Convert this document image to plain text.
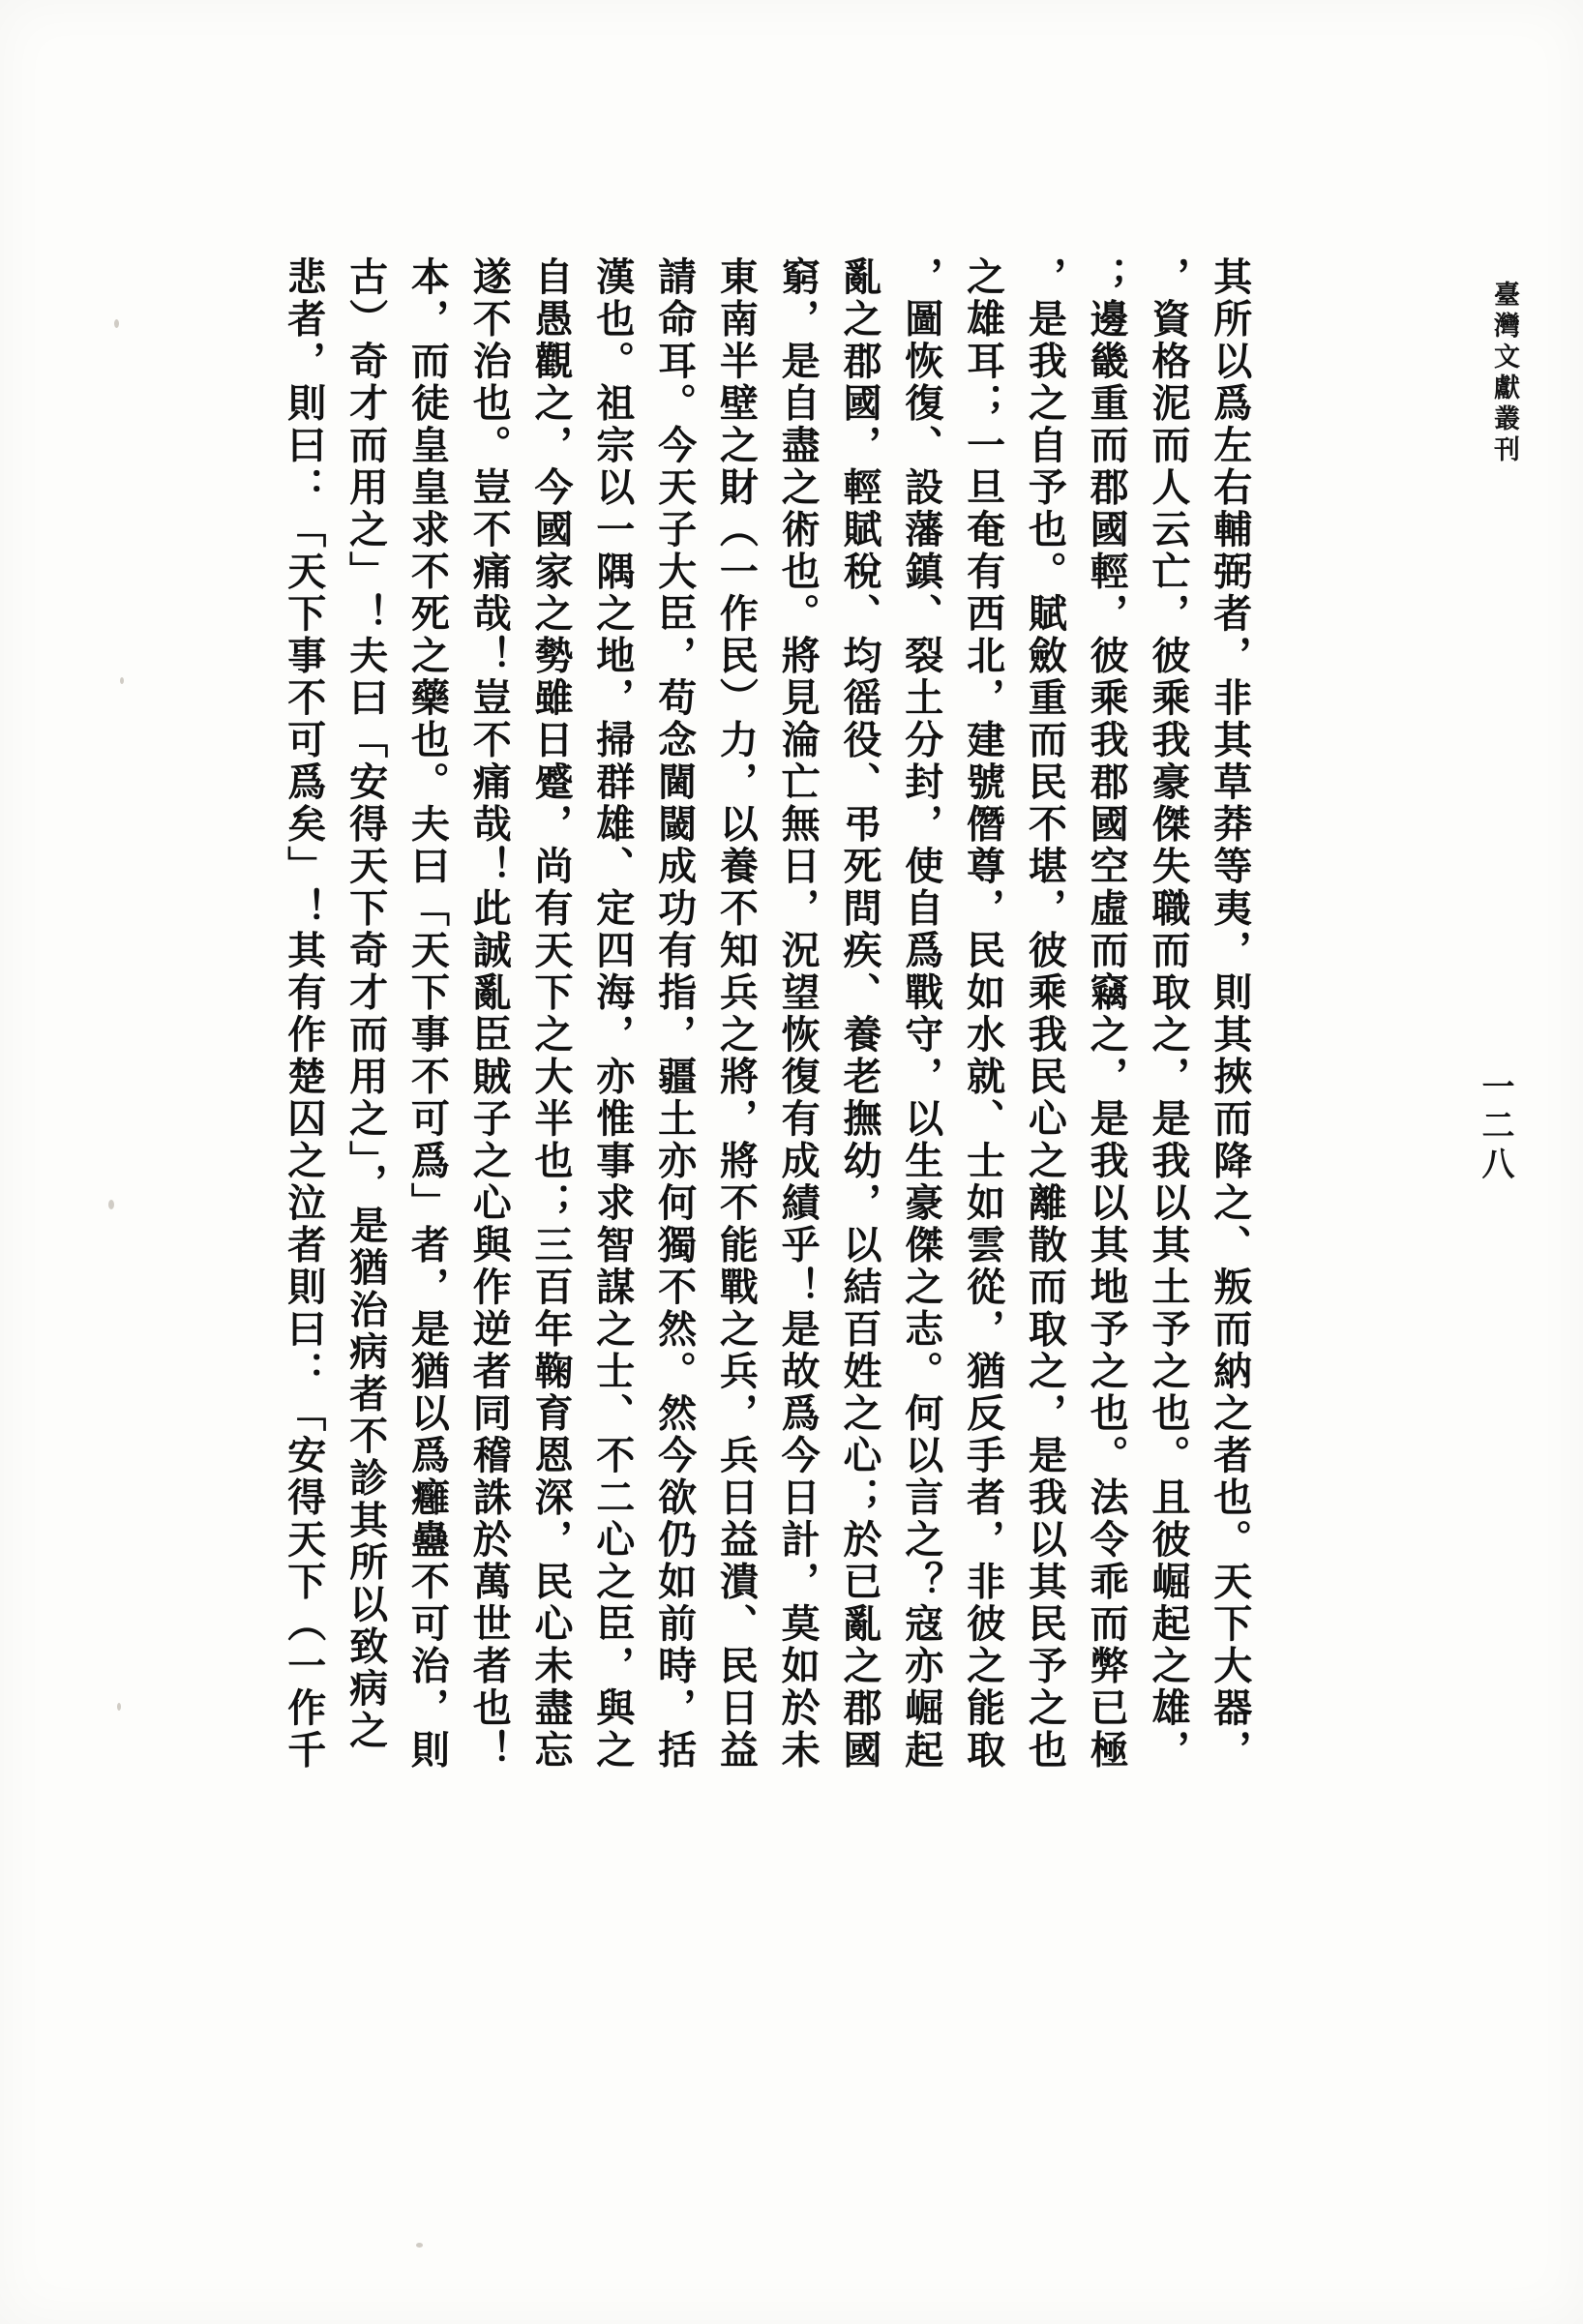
臺灣文獻叢刊
一二八
悲者，則曰：「天下事不可爲矣」！其有作楚囚之泣者則曰：「安得天下（一作千 古）奇才而用之」！夫曰「安得天下奇才而用之」，是猶治病者不診其所以致病之 本，而徒皇皇求不死之藥也。夫曰「天下事不可爲」者，是猶以爲癰蠱不可治，則 遂不治也。豈不痛哉！豈不痛哉！此誠亂臣賊子之心與作逆者同稽誅於萬世者也！ 自愚觀之，今國家之勢雖日蹙，尚有天下之大半也；三百年鞠育恩深，民心未盡忘 漢也。祖宗以一隅之地，掃群雄、定四海，亦惟事求智謀之士、不二心之臣，與之 請命耳。今天子大臣，苟念閫閾成功有指，疆土亦何獨不然。然今欲仍如前時，括 東南半壁之財（一作民）力，以養不知兵之將，將不能戰之兵，兵日益潰、民日益 窮，是自盡之術也。將見淪亡無日，況望恢復有成績乎！是故爲今日計，莫如於未 亂之郡國，輕賦稅、均徭役、弔死問疾、養老撫幼，以結百姓之心；於已亂之郡國 ，圖恢復、設藩鎮、裂土分封，使自爲戰守，以生豪傑之志。何以言之？寇亦崛起 之雄耳；一旦奄有西北，建號僭尊，民如水就、士如雲從，猶反手者，非彼之能取 ，是我之自予也。賦斂重而民不堪，彼乘我民心之離散而取之，是我以其民予之也 ；邊畿重而郡國輕，彼乘我郡國空虛而竊之，是我以其地予之也。法令乖而弊已極 ，資格泥而人云亡，彼乘我豪傑失職而取之，是我以其土予之也。且彼崛起之雄， 其所以爲左右輔弼者，非其草莽等夷，則其挾而降之、叛而納之者也。天下大器，
